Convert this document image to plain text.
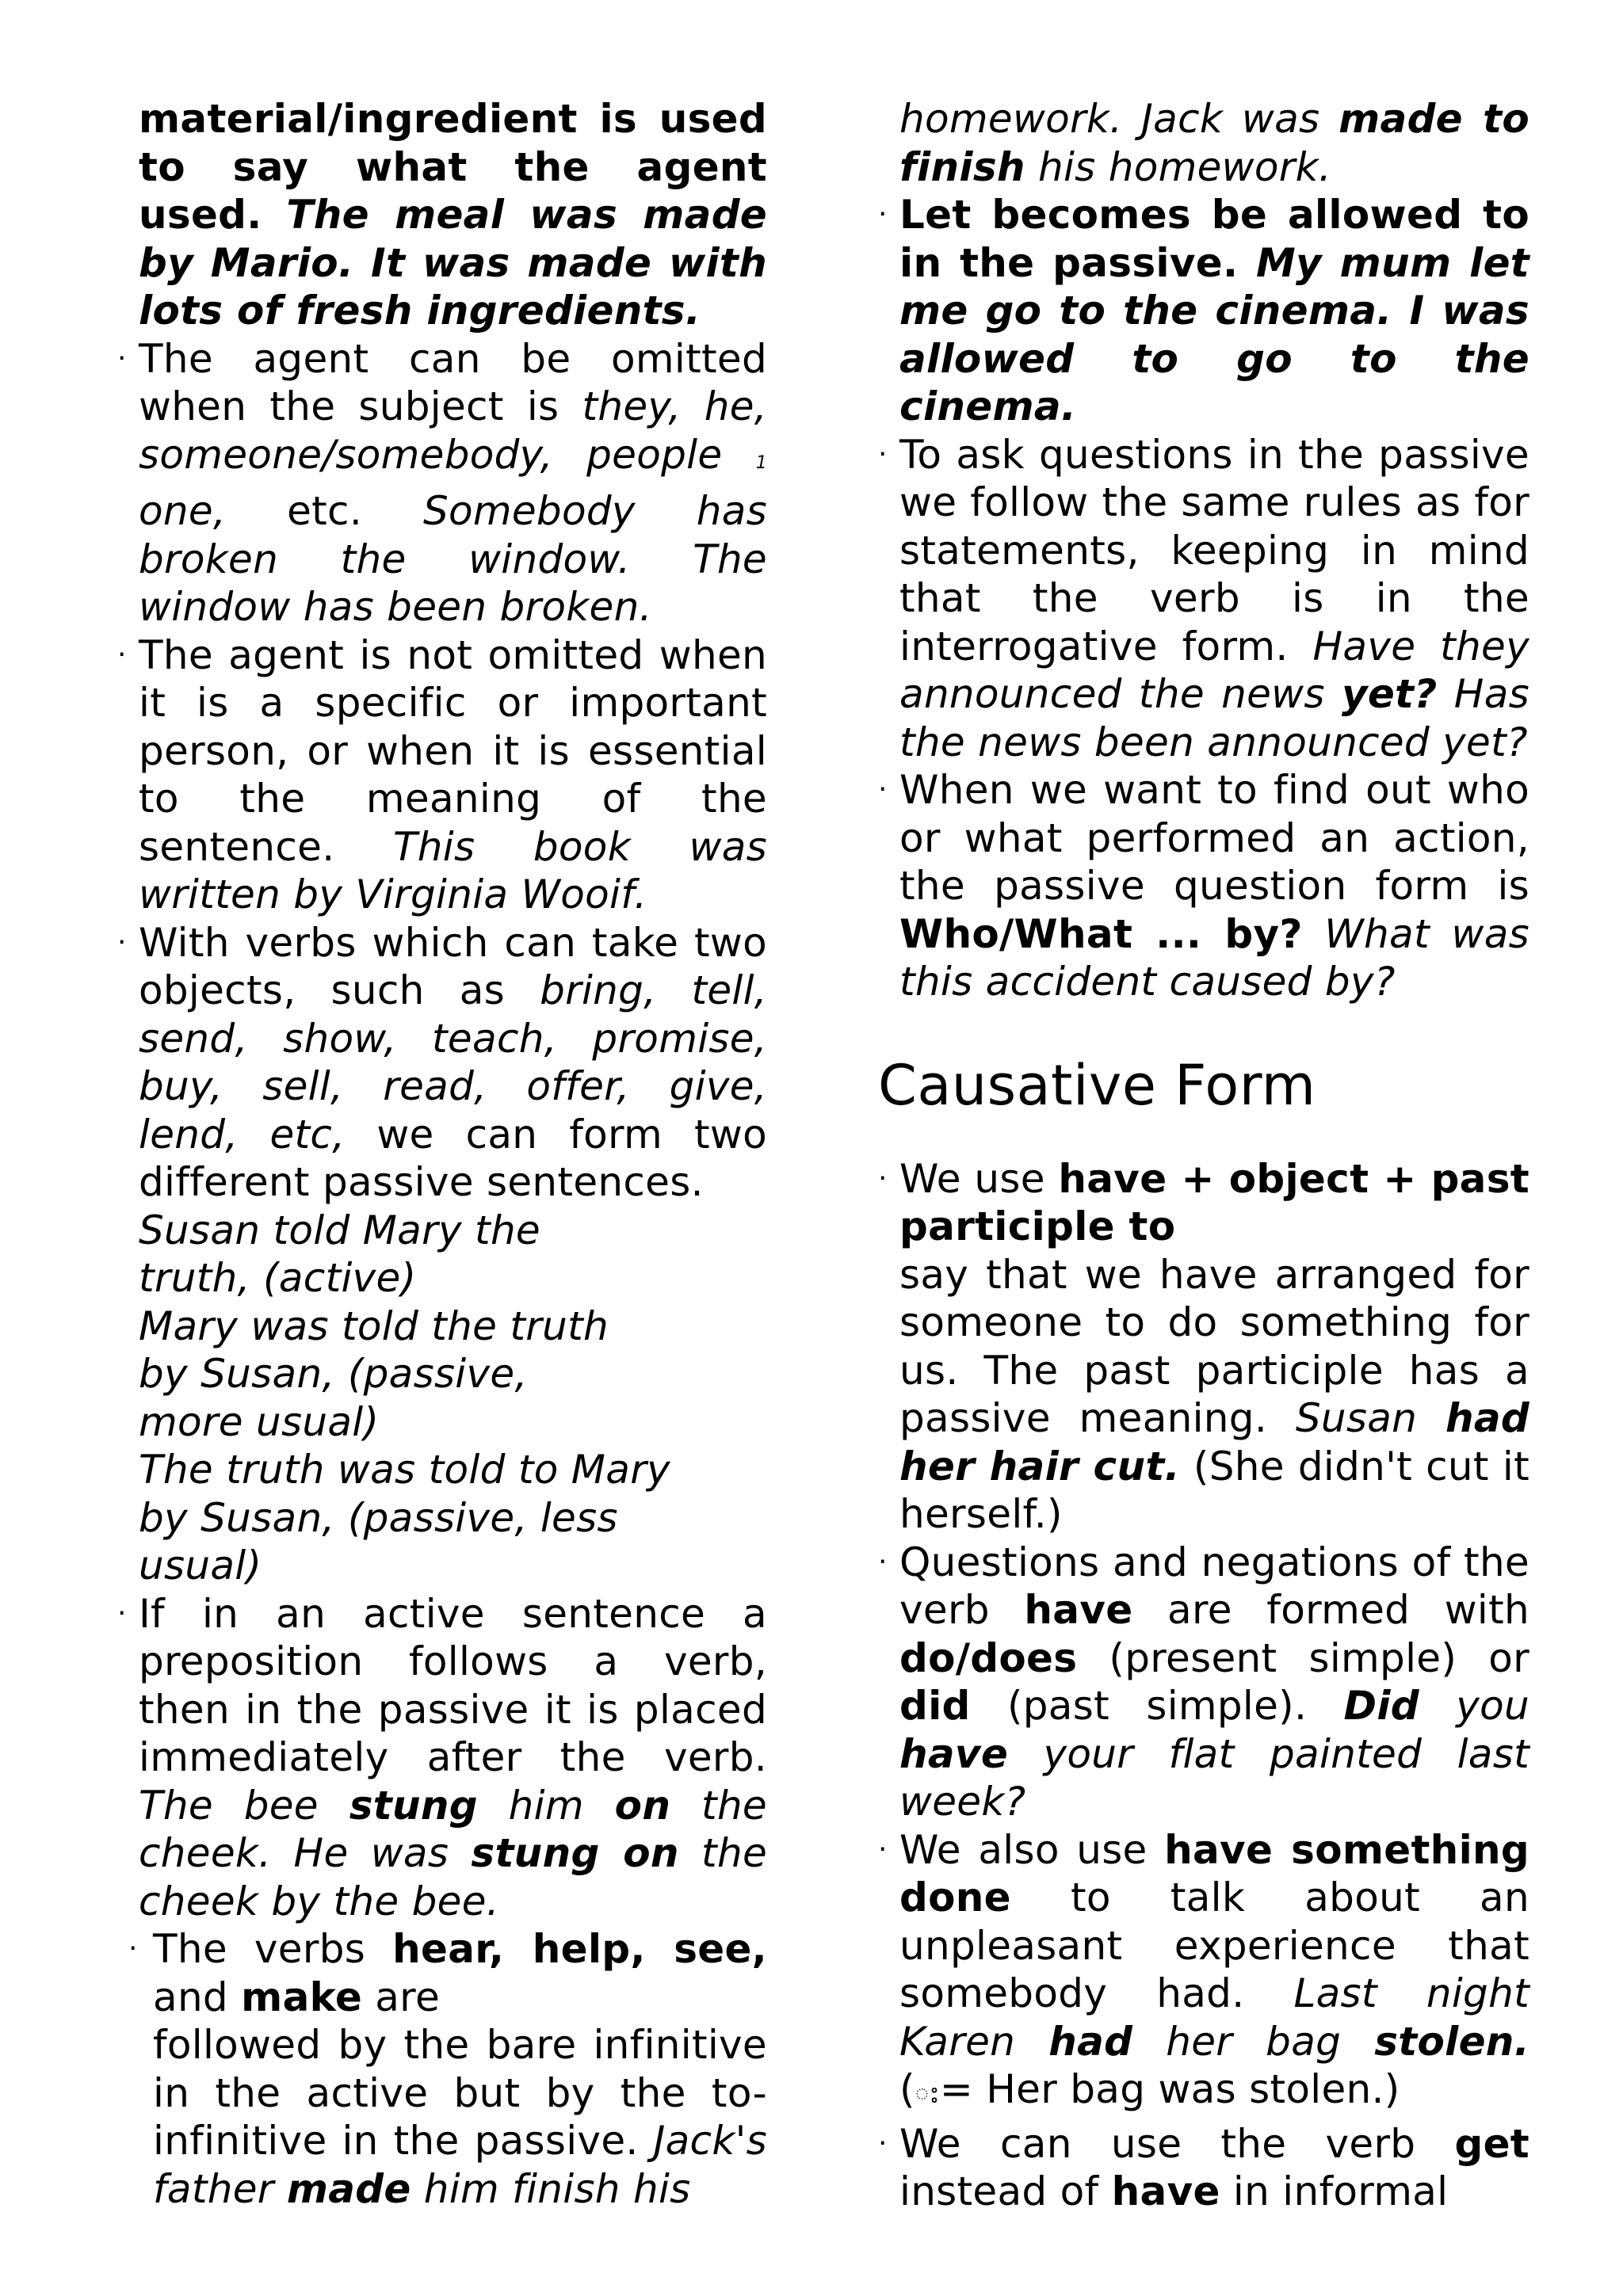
material/ingredient is used to say what the agent used. The meal was made by Mario. It was made with lots of fresh ingredients.

· The agent can be omitted when the subject is they, he, someone/somebody, people 1 one, etc. Somebody has broken the window. The window has been broken.

· The agent is not omitted when it is a specific or important person, or when it is essential to the meaning of the sentence. This book was written by Virginia Wooif.

· With verbs which can take two objects, such as bring, tell, send, show, teach, promise, buy, sell, read, offer, give, lend, etc, we can form two different passive sentences.

Susan told Mary the truth, (active)
Mary was told the truth by Susan, (passive, more usual)
The truth was told to Mary by Susan, (passive, less usual)

· If in an active sentence a preposition follows a verb, then in the passive it is placed immediately after the verb. The bee stung him on the cheek. He was stung on the cheek by the bee.

· The verbs hear, help, see, and make are
followed by the bare infinitive in the active but by the to-infinitive in the passive. Jack's father made him finish his

homework. Jack was made to finish his homework.

· Let becomes be allowed to in the passive. My mum let me go to the cinema. I was allowed to go to the cinema.

· To ask questions in the passive we follow the same rules as for statements, keeping in mind that the verb is in the interrogative form. Have they announced the news yet? Has the news been announced yet?

· When we want to find out who or what performed an action, the passive question form is Who/What ... by? What was this accident caused by?

Causative Form

· We use have + object + past participle to
say that we have arranged for someone to do something for us. The past participle has a passive meaning. Susan had her hair cut. (She didn't cut it herself.)

· Questions and negations of the verb have are formed with do/does (present simple) or did (past simple). Did you have your flat painted last week?

· We also use have something done to talk about an unpleasant experience that somebody had. Last night Karen had her bag stolen. (ះ= Her bag was stolen.)

· We can use the verb get instead of have in informal
